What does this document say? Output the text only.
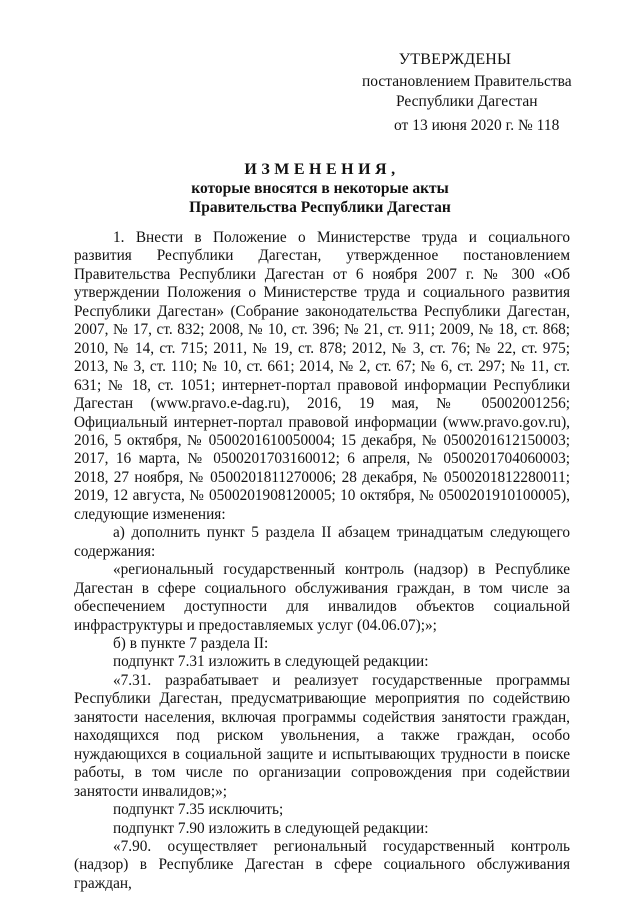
УТВЕРЖДЕНЫ
постановлением Правительства
Республики Дагестан
от 13 июня 2020 г. № 118
ИЗМЕНЕНИЯ,
которые вносятся в некоторые акты
Правительства Республики Дагестан

1. Внести в Положение о Министерстве труда и социального развития Республики Дагестан, утвержденное постановлением Правительства Республики Дагестан от 6 ноября 2007 г. № 300 «Об утверждении Положения о Министерстве труда и социального развития Республики Дагестан» (Собрание законодательства Республики Дагестан, 2007, № 17, ст. 832; 2008, № 10, ст. 396; № 21, ст. 911; 2009, № 18, ст. 868; 2010, № 14, ст. 715; 2011, № 19, ст. 878; 2012, № 3, ст. 76; № 22, ст. 975; 2013, № 3, ст. 110; № 10, ст. 661; 2014, № 2, ст. 67; № 6, ст. 297; № 11, ст. 631; № 18, ст. 1051; интернет-портал правовой информации Республики Дагестан (www.pravo.e-dag.ru), 2016, 19 мая, № 05002001256; Официальный интернет-портал правовой информации (www.pravo.gov.ru), 2016, 5 октября, № 0500201610050004; 15 декабря, № 0500201612150003; 2017, 16 марта, № 0500201703160012; 6 апреля, № 0500201704060003; 2018, 27 ноября, № 0500201811270006; 28 декабря, № 0500201812280011; 2019, 12 августа, № 0500201908120005; 10 октября, № 0500201910100005), следующие изменения:

а) дополнить пункт 5 раздела II абзацем тринадцатым следующего содержания:

«региональный государственный контроль (надзор) в Республике Дагестан в сфере социального обслуживания граждан, в том числе за обеспечением доступности для инвалидов объектов социальной инфраструктуры и предоставляемых услуг (04.06.07);»;

б) в пункте 7 раздела II:

подпункт 7.31 изложить в следующей редакции:

«7.31. разрабатывает и реализует государственные программы Республики Дагестан, предусматривающие мероприятия по содействию занятости населения, включая программы содействия занятости граждан, находящихся под риском увольнения, а также граждан, особо нуждающихся в социальной защите и испытывающих трудности в поиске работы, в том числе по организации сопровождения при содействии занятости инвалидов;»;

подпункт 7.35 исключить;

подпункт 7.90 изложить в следующей редакции:

«7.90. осуществляет региональный государственный контроль (надзор) в Республике Дагестан в сфере социального обслуживания граждан,
